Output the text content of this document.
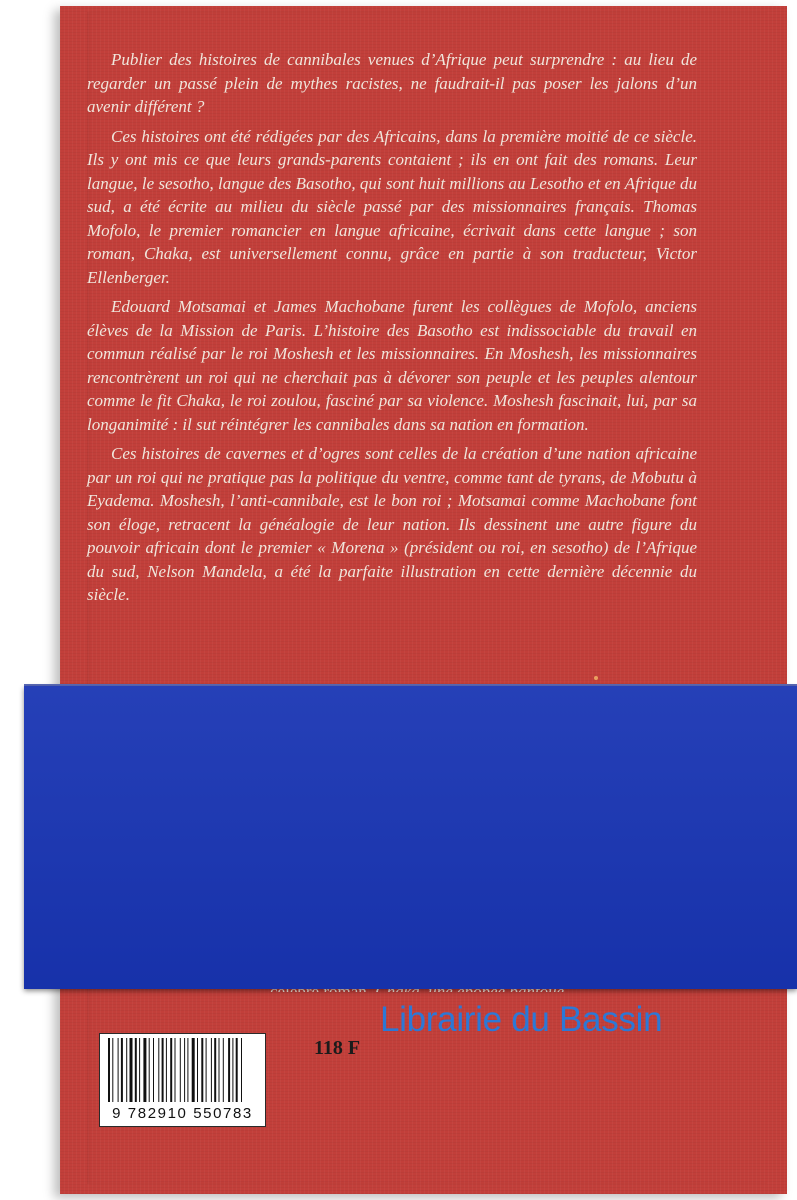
Publier des histoires de cannibales venues d’Afrique peut surprendre : au lieu de regarder un passé plein de mythes racistes, ne faudrait-il pas poser les jalons d’un avenir différent ?

Ces histoires ont été rédigées par des Africains, dans la première moitié de ce siècle. Ils y ont mis ce que leurs grands-parents contaient ; ils en ont fait des romans. Leur langue, le sesotho, langue des Basotho, qui sont huit millions au Lesotho et en Afrique du sud, a été écrite au milieu du siècle passé par des missionnaires français. Thomas Mofolo, le premier romancier en langue africaine, écrivait dans cette langue ; son roman, Chaka, est universellement connu, grâce en partie à son traducteur, Victor Ellenberger.

Edouard Motsamai et James Machobane furent les collègues de Mofolo, anciens élèves de la Mission de Paris. L’histoire des Basotho est indissociable du travail en commun réalisé par le roi Moshesh et les missionnaires. En Moshesh, les missionnaires rencontrèrent un roi qui ne cherchait pas à dévorer son peuple et les peuples alentour comme le fit Chaka, le roi zoulou, fasciné par sa violence. Moshesh fascinait, lui, par sa longanimité : il sut réintégrer les cannibales dans sa nation en formation.

Ces histoires de cavernes et d’ogres sont celles de la création d’une nation africaine par un roi qui ne pratique pas la politique du ventre, comme tant de tyrans, de Mobutu à Eyadema. Moshesh, l’anti-cannibale, est le bon roi ; Motsamai comme Machobane font son éloge, retracent la généalogie de leur nation. Ils dessinent une autre figure du pouvoir africain dont le premier « Morena » (président ou roi, en sesotho) de l’Afrique du sud, Nelson Mandela, a été la parfaite illustration en cette dernière décennie du siècle.

Librairie du Bassin
9 782910 550783
118 F
